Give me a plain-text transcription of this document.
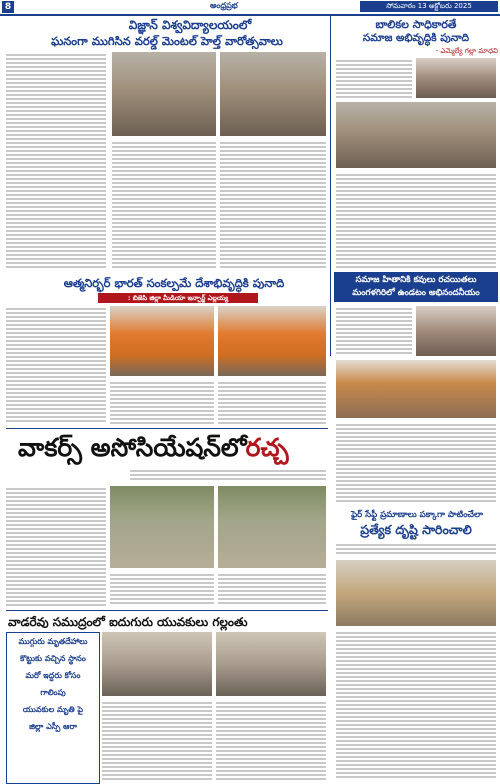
8	అంధ్రప్రభ	సోమవారం 13 అక్టోబరు 2025
విజ్ఞాన్ విశ్వవిద్యాలయంలో
ఘనంగా ముగిసిన వరల్డ్ మెంటల్ హెల్త్ వారోత్సవాలు
బాలికల సాధికారతే
సమాజ అభివృద్ధికి పునాది
- ఎమ్మెల్యే గల్లా మాధవి
ఆత్మనిర్భర్ భారత్ సంకల్పమే దేశాభివృద్ధికి పునాది
: బిజెపి జిల్లా మీడియా ఇన్చార్జ్ ఎల్లయ్య
సమాజ హితానికి కవులు రచయితలు
మంగళగిరిలో ఉండటం అభినందనీయం
వాకర్స్ అసోసియేషన్‌లోరచ్చ
ఫైర్ సేఫ్టీ ప్రమాణాలు పక్కాగా పాటించేలా
ప్రత్యేక దృష్టి సారించాలి
వాడరేవు సముద్రంలో ఐదుగురు యువకులు గల్లంతు
ముగ్గురు మృతదేహాలు
కొట్టుకు వచ్చిన స్థానం
మరో ఇద్దరు కోసం
గాలింపు
యువకుల మృతి పై
జిల్లా ఎస్పీ ఆరా
